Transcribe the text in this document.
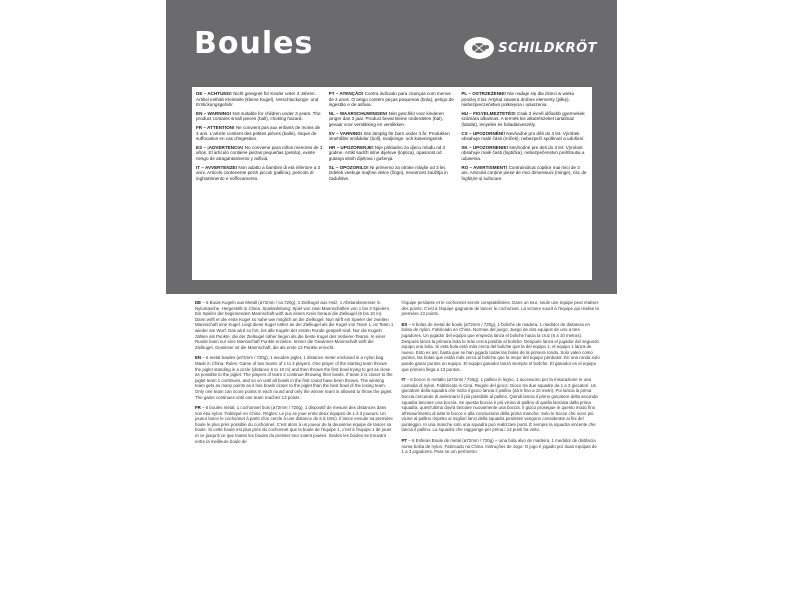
Boules	SCHILDKRÖT
DE – ACHTUNG! Nicht geeignet für Kinder unter 3 Jahren. Artikel enthält Kleinteile (kleine Kugel), Verschluckungs- und Erstickungsgefahr.
EN – WARNING! Not suitable for children under 3 years. The product contains small pieces (ball), choking hazard.
FR – ATTENTION! Ne convient pas aux enfants de moins de 3 ans. L'article contient des petites pièces (balle), risque de suffocation en cas d'ingestion.
ES – ¡ADVERTENCIA! No conviene para niños menores de 3 años. El artículo contiene piezas pequeñas (pelota), existe riesgo de atragantamiento y asfixia.
IT – AVVERTENZE! Non adatto a bambini di età inferiore a 3 anni. Articolo contenente pezzi piccoli (pallina), pericolo di inghiottimento e soffocamento.
PT – ATENÇÃO! Contra indicado para crianças com menos de 3 anos. O artigo contém peças pequenas (bola), perigo de ingestão e de asfixia.
NL – WAARSCHUWINGEN! Niet geschikt voor kinderen jonger dan 3 jaar. Product bevat kleine onderdelen (bal), gevaar voor verstikking en verslikken.
SV – VARNING! Inte lämplig för barn under 3 år. Produkten innehåller smådelar (boll), svaljnings- och kvävningsrisk.
HR – UPOZORENJE! Nije prikladno za djecu mlađu od 3 godine. Artikl sadrži sitne dijelove (loptica), opasnost od gutanja sitnih dijelova i gušenja.
SL – OPOZORILO! Ni primerno za otroke mlajše od 3 let. Izdelek vsebuje majhne delce (žogo), nevarnost zaužitja in zadušitve.
PL – OSTRZEŻENIE! Nie nadaje się dla dzieci w wieku poniżej 3 lat. Artykuł zawiera drobne elementy (piłkę), niebezpieczeństwo połknięcia i uduszenia.
HU – FIGYELMEZTETÉS! Csak 3 évnél idősebb gyermekek számára alkalmas. A termék kis alkatrészeket tartalmaz (labdát), lenyelés és fulladásveszély.
CS – UPOZORNĚNÍ! Nevhodné pro děti do 3 let. Výrobek obsahuje malé části (míček), nebezpečí spolknutí a udušení.
SK – UPOZORNENIE! Nevhodné pre deti do 3 let. Výrobok obsahuje malé časti (loptička), nebezpečenstvo prehltnutia a udusenia.
RO – AVERTISMENT! Contraindicat copiilor mai mici de 3 ani. Articolul conține piese de mici dimensiuni (minge), risc de înghițire și sufocare.
DE – 6 Boule Kugeln aus Metall (ø72mm / ca.720g), 1 Zielkugel aus Holz, 1 Abstandsmesser in Nylontasche. Hergestellt in China. Spielanleitung: Spiel von zwei Mannschaften von 1 bis 3 Spielern. Ein Spieler der beginnenden Mannschaft wirft aus einem Kreis heraus die Zielkugel (6 bis 10 m). Dann wirft er die erste Kugel so nahe wie möglich an die Zielkugel. Nun wirft ein Spieler der zweiten Mannschaft eine Kugel. Liegt diese Kugel näher an der Zielkugel als die Kugel von Team 1, ist Team 1 wieder am Wurf. Das wird so fort, bis alle Kugeln der ersten Runde gespielt sind. Nur die Kugeln zählen als Punkte, die der Zielkugel näher liegen als die beste Kugel des Verlierer-Teams. In einer Runde kann nur eine Mannschaft Punkte erzielen. Immer die Gewinner-Mannschaft wirft die Zielkugel. Gewinner ist die Mannschaft, die als erste 13 Punkte erreicht.
EN – 6 metal bowles (ø72mm / 720g), 1 wooden piglet, 1 distance meter enclosed in a nylon bag. Made in China. Rules: Game of two teams of 1 to 3 players. One player of the starting team throws the piglet standing in a circle (distance 6 to 10 m) and then throws the first bowl trying to get as close as possible to the piglet. The players of team 2 continue throwing their bowls. If team 2 is closer to the piglet team 1 continues, and so on until all bowls in the first round have been thrown. The winning team gets as many points as it has bowls closer to the piglet than the best bowl of the losing team. Only one team can score points in each round and only the winner team is allowed to throw the piglet. The game continues until one team reaches 13 points.
FR – 6 boules métal, 1 cochonnet bois (ø72mm / 720g), 1 dispositif de mesure des distances dans son étui nylon. Fabriqué en Chine. Règles: Le jeu se joue entre deux équipes de 1 à 3 joueurs. Un joueur lance le cochonnet à partir d'un cercle à une distance de 6 à 10m). Il lance ensuite sa première boule le plus près possible du cochonnet. C'est alors à un joueur de la deuxième équipe de lancer sa boule. Si cette boule est plus près du cochonnet que la boule de l'équipe 1, c'est à l'équipe 1 de jouer et ce jusqu'à ce que toutes les boules du premier tour soient jouées. Seules les boules se trouvant entre la meilleure boule de
l'équipe perdante et le cochonnet seront comptabilisées. Dans un tour, seule une équipe peut réaliser des points. C'est à l'équipe gagnante de lancer le cochonnet. La victoire sourit à l'équipe qui réalise la première 13 points.
ES – 6 bolas de metal de boule (ø72mm / 720g), 1 boliche de madera, 1 medidor de distancia en bolsa de nylon. Fabricado en China. Normas del juego: Juego de dos equipos de uno a tres jugadores. Un jugador del equipo que empieza lanza el boliche hacia la cruz (6 a 10 metros). Después lanza la primera bola lo más cerca posible al boliche. Después lanza el jugador del segundo equipo una bola. Si esta bola está más cerca del boliche que la del equipo 1, el equipo 1 lanza de nuevo. Esto es así, hasta que se han jugado todas las bolas de la primera ronda. Solo valen como puntos, las bolas que están más cerca al boliche que la mejor del equipo perdedor. En una ronda solo puede ganar puntos un equipo. El equipo ganador lanza siempre el boliche. El ganador es el equipo que primero llega a 13 puntos.
IT – 6 bocce in metallo (ø72mm / 720g), 1 pallino in legno, 1 accessorio per la misurazione in una custodia di nylon. Fabbricato in Cina. Regole del gioco: Gioco tra due squadre da 1 a 3 giocatori. Un giocatore della squadra che inizia il gioco lancia il pallino (da 6 fino a 10 metri). Poi lancia la prima boccia cercando di avvicinarsi il più possibile al pallino. Quindi lancia il primo giocatore della seconda squadra lanciare una boccia. Se questa boccia è più vicina al pallino di quella lanciata dalla prima squadra, quest'ultima dovrà lanciare nuovamente una boccia. Il gioco prosegue in questo modo fino all'esaurimento di tutte le bocce e alla conclusione della prima manche. Solo le bocce che sono più vicine al pallino rispetto ai migliori lanci della squadra perdente vengono considerate ai fini del punteggio. In una manche solo una squadra può realizzare punti. È sempre la squadra vincente che lancia il pallino. La squadra che raggiunge per prima i 13 punti ha vinto.
PT – 6 Esferas Boule de metal (ø72mm / 720g) + uma bola alvo de madeira, 1 medidor de distância numa bolsa de nylon. Fabricado na China. Instruções de Jogo: O jogo é jogado por duas equipas de 1 a 3 jogadores. Para se um perímetro
